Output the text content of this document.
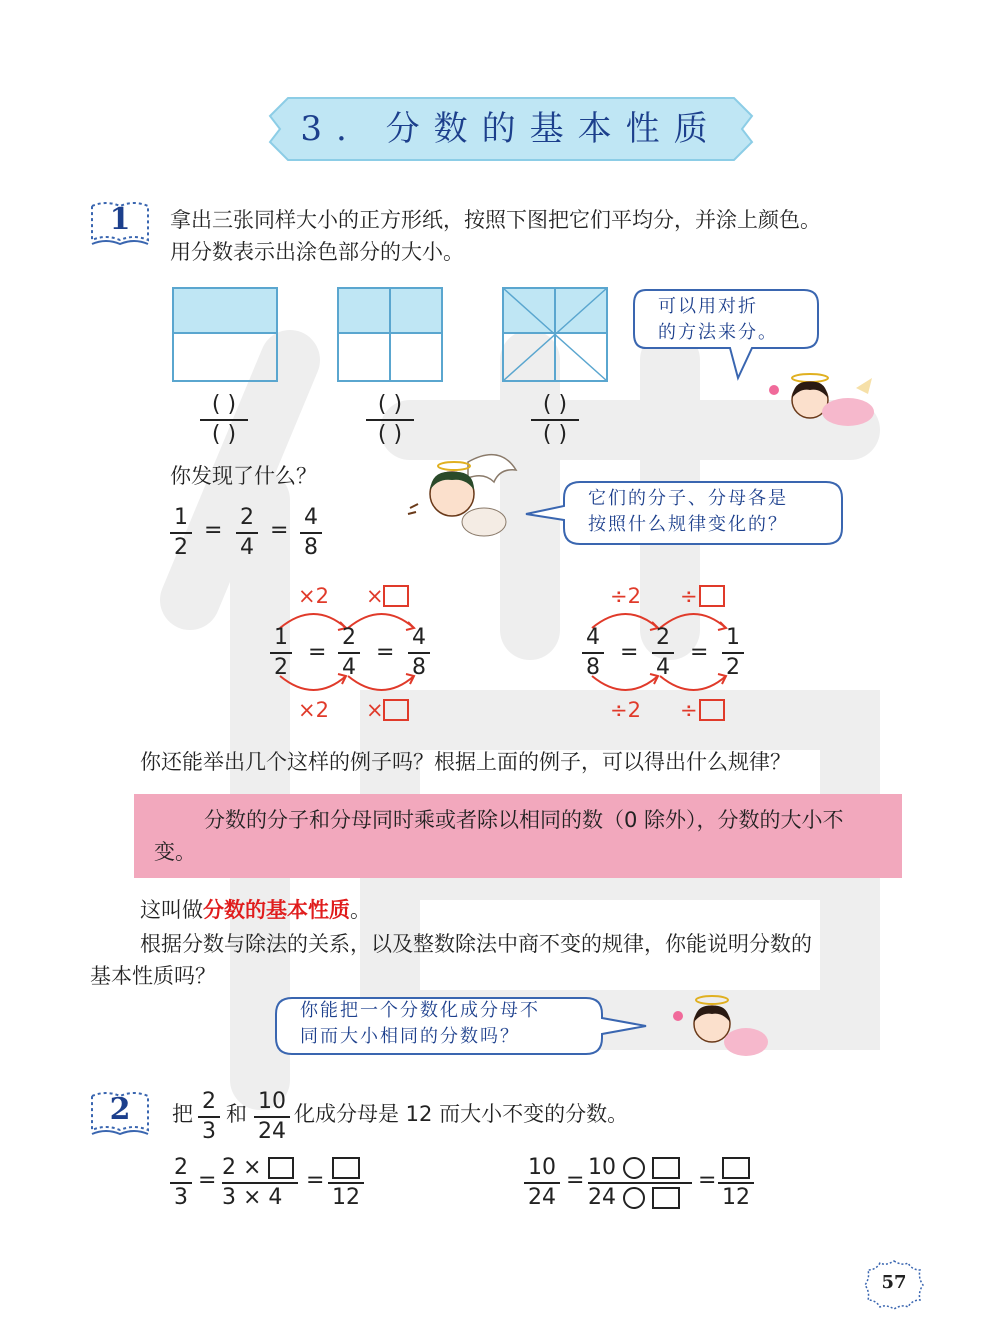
3. 分数的基本性质
1	拿出三张同样大小的正方形纸，按照下图把它们平均分，并涂上颜色。
用分数表示出涂色部分的大小。
( )
( )
( )
( )
( )
( )
可以用对折
的方法来分。
你发现了什么？
1
2
=
2
4
=
4
8
它们的分子、分母各是
按照什么规律变化的？
×2 ×
×2 ×
1
2
=
2
4
=
4
8
÷2 ÷
÷2 ÷
4
8
=
2
4
=
1
2
你还能举出几个这样的例子吗？根据上面的例子，可以得出什么规律？
分数的分子和分母同时乘或者除以相同的数（0 除外），分数的大小不变。
这叫做分数的基本性质。
根据分数与除法的关系，以及整数除法中商不变的规律，你能说明分数的
基本性质吗？
你能把一个分数化成分母不
同而大小相同的分数吗？
2	把 2
3
和 10
24
化成分母是 12 而大小不变的分数。
2
3
=
2 ×
3 × 4
=
12
10
24
=
10
24
=
12
57
